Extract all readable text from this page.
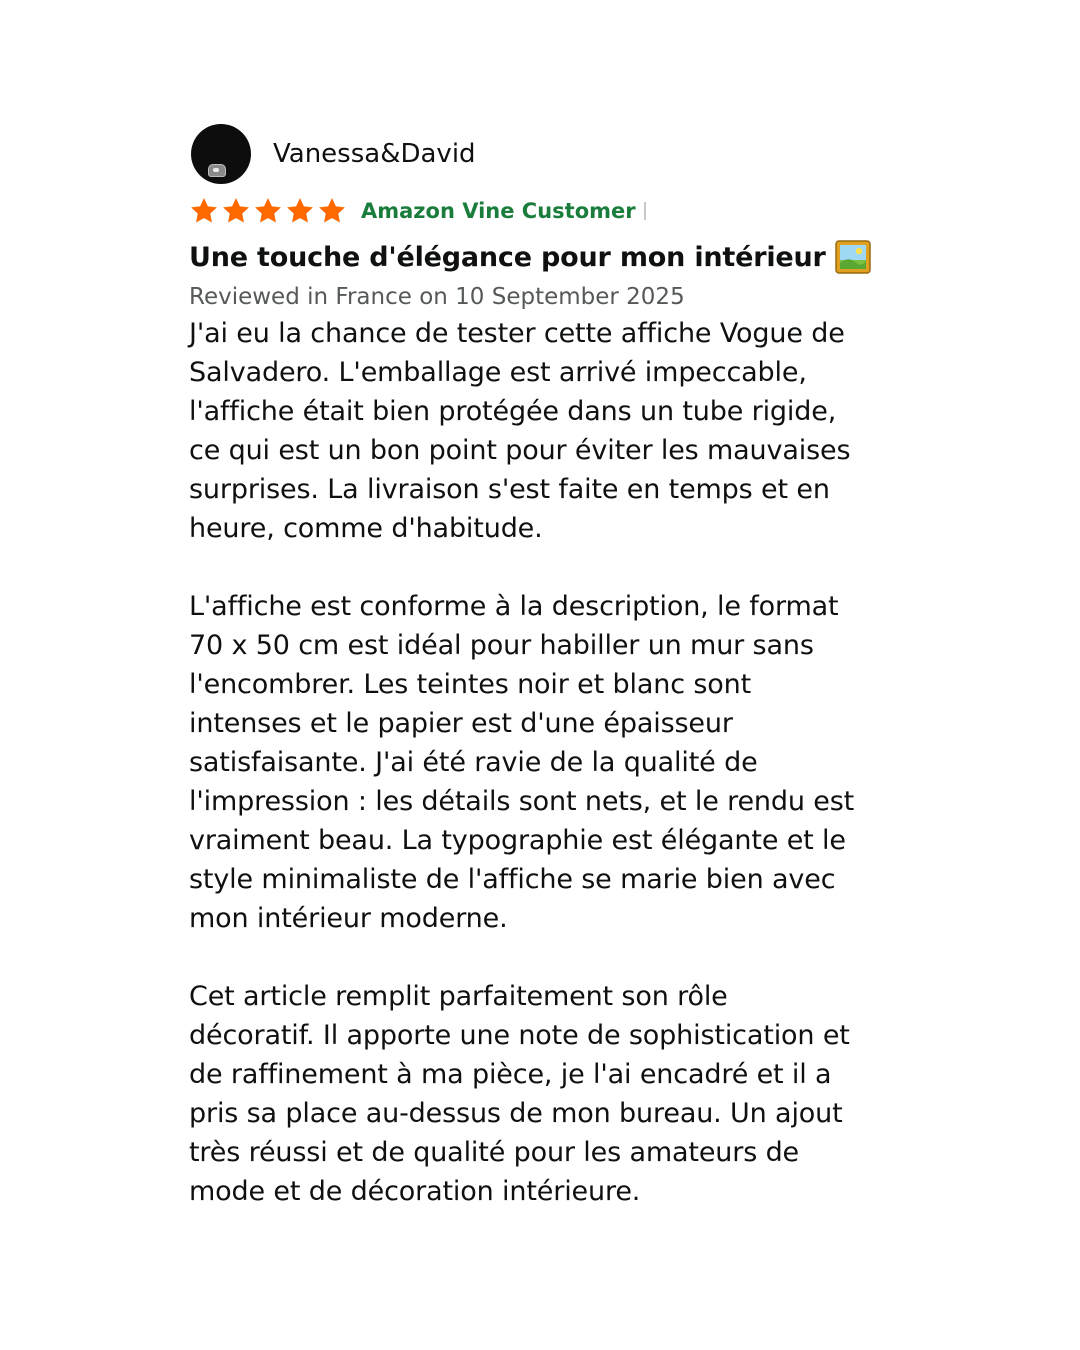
Vanessa&David
Amazon Vine Customer
Une touche d'élégance pour mon intérieur
Reviewed in France on 10 September 2025

J'ai eu la chance de tester cette affiche Vogue de
Salvadero. L'emballage est arrivé impeccable,
l'affiche était bien protégée dans un tube rigide,
ce qui est un bon point pour éviter les mauvaises
surprises. La livraison s'est faite en temps et en
heure, comme d'habitude.

L'affiche est conforme à la description, le format
70 x 50 cm est idéal pour habiller un mur sans
l'encombrer. Les teintes noir et blanc sont
intenses et le papier est d'une épaisseur
satisfaisante. J'ai été ravie de la qualité de
l'impression : les détails sont nets, et le rendu est
vraiment beau. La typographie est élégante et le
style minimaliste de l'affiche se marie bien avec
mon intérieur moderne.

Cet article remplit parfaitement son rôle
décoratif. Il apporte une note de sophistication et
de raffinement à ma pièce, je l'ai encadré et il a
pris sa place au-dessus de mon bureau. Un ajout
très réussi et de qualité pour les amateurs de
mode et de décoration intérieure.
